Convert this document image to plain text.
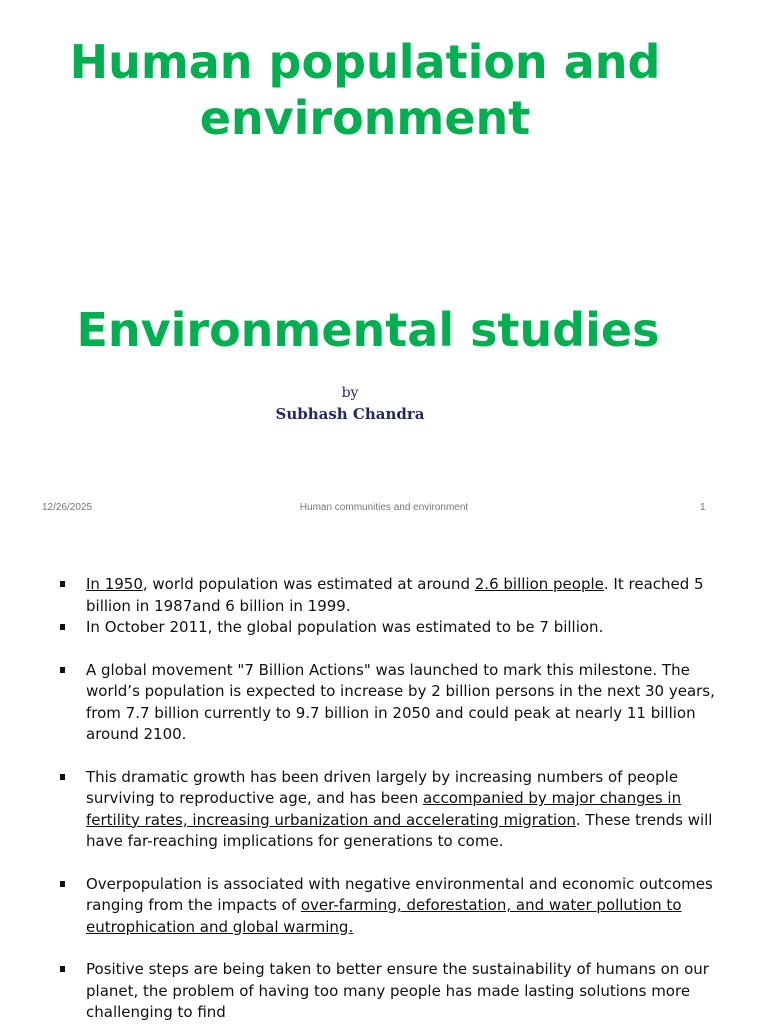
Human population and environment
Environmental studies
by
Subhash Chandra
12/26/2025	Human communities and environment	1
In 1950, world population was estimated at around 2.6 billion people. It reached 5 billion in 1987and 6 billion in 1999.
In October 2011, the global population was estimated to be 7 billion.
A global movement "7 Billion Actions" was launched to mark this milestone. The world’s population is expected to increase by 2 billion persons in the next 30 years, from 7.7 billion currently to 9.7 billion in 2050 and could peak at nearly 11 billion around 2100.
This dramatic growth has been driven largely by increasing numbers of people surviving to reproductive age, and has been accompanied by major changes in fertility rates, increasing urbanization and accelerating migration. These trends will have far-reaching implications for generations to come.
Overpopulation is associated with negative environmental and economic outcomes ranging from the impacts of over-farming, deforestation, and water pollution to eutrophication and global warming.
Positive steps are being taken to better ensure the sustainability of humans on our planet, the problem of having too many people has made lasting solutions more challenging to find
